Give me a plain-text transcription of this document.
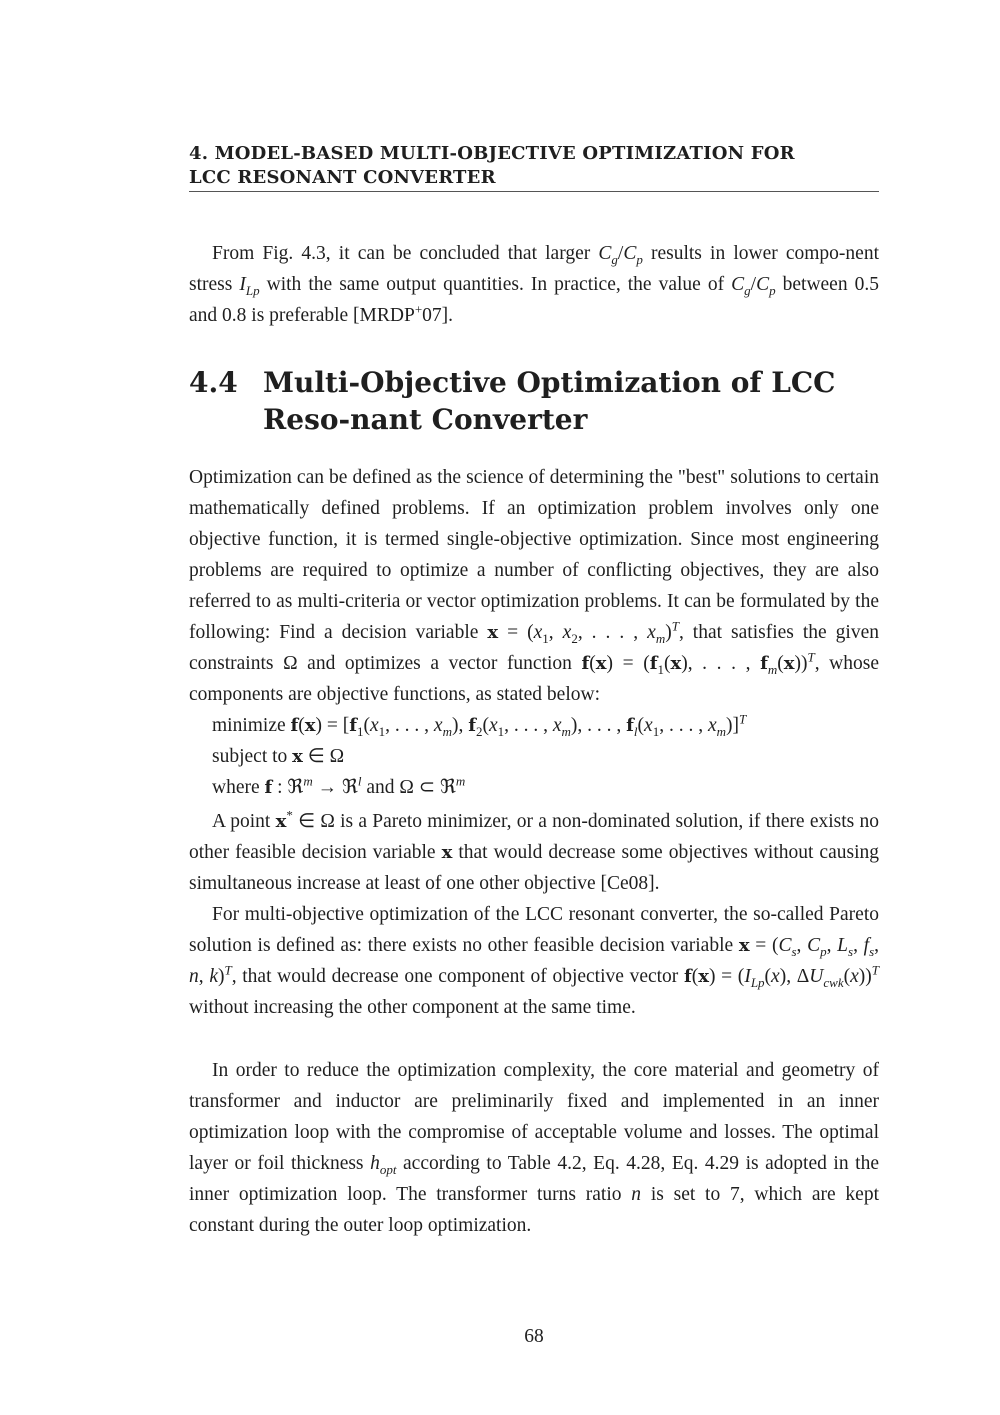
4. MODEL-BASED MULTI-OBJECTIVE OPTIMIZATION FOR
LCC RESONANT CONVERTER
From Fig. 4.3, it can be concluded that larger $C_g/C_p$ results in lower compo-nent stress $I_{Lp}$ with the same output quantities. In practice, the value of $C_g/C_p$ between 0.5 and 0.8 is preferable [MRDP+07].
4.4 Multi-Objective Optimization of LCC Reso-nant Converter
Optimization can be defined as the science of determining the "best" solutions to certain mathematically defined problems. If an optimization problem involves only one objective function, it is termed single-objective optimization. Since most engineering problems are required to optimize a number of conflicting objectives, they are also referred to as multi-criteria or vector optimization problems. It can be formulated by the following: Find a decision variable $x = (x_1$, $x_2$, . . . , $x_m)^T$, that satisfies the given constraints Ω and optimizes a vector function $f(x) = (f_1(x)$, . . . , $f_m(x))^T$, whose components are objective functions, as stated below:
minimize $f(x) = [f_1(x_1$, . . . , $x_m$), $f_2(x_1$, . . . , $x_m$), . . . , $f_l(x_1$, . . . , $x_m)]^T$
subject to x ∈ Ω
where f : ℜ$^m$ → ℜ$^l$ and Ω ⊂ ℜ$^m$
A point x* ∈ Ω is a Pareto minimizer, or a non-dominated solution, if there exists no other feasible decision variable x that would decrease some objectives without causing simultaneous increase at least of one other objective [Ce08].
For multi-objective optimization of the LCC resonant converter, the so-called Pareto solution is defined as: there exists no other feasible decision variable $x = (C_s$, $C_p$, $L_s$, $f_s$, n, k)$^T$, that would decrease one component of objective vector $f(x) = (I_{Lp}(x)$, $\Delta U_{cwk}(x))^T$ without increasing the other component at the same time.
In order to reduce the optimization complexity, the core material and geometry of transformer and inductor are preliminarily fixed and implemented in an inner optimization loop with the compromise of acceptable volume and losses. The optimal layer or foil thickness $h_{opt}$ according to Table 4.2, Eq. 4.28, Eq. 4.29 is adopted in the inner optimization loop. The transformer turns ratio n is set to 7, which are kept constant during the outer loop optimization.
68
